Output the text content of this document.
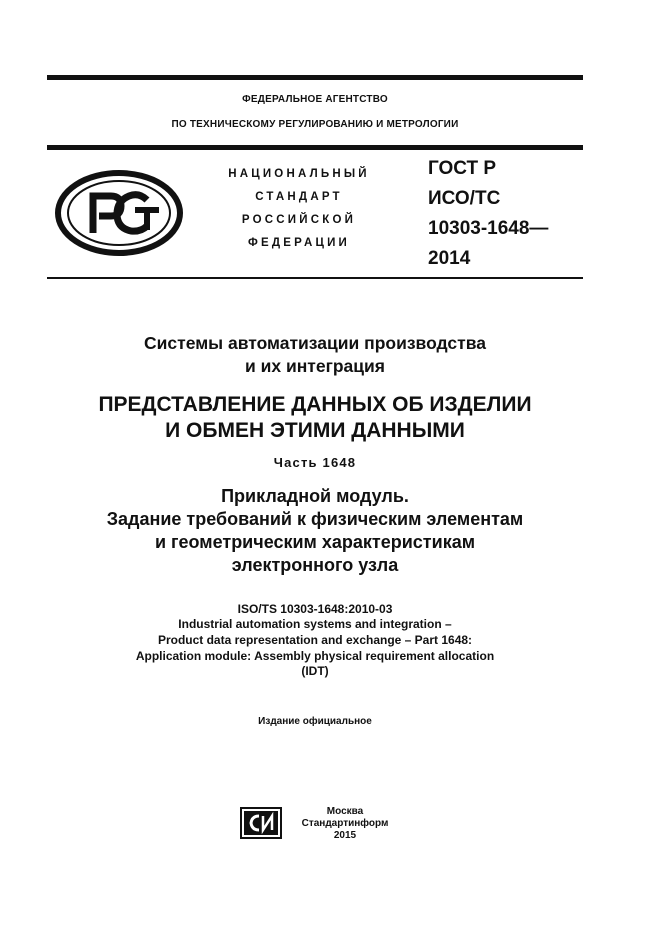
ФЕДЕРАЛЬНОЕ АГЕНТСТВО
ПО ТЕХНИЧЕСКОМУ РЕГУЛИРОВАНИЮ И МЕТРОЛОГИИ
НАЦИОНАЛЬНЫЙ
СТАНДАРТ
РОССИЙСКОЙ
ФЕДЕРАЦИИ
ГОСТ Р
ИСО/ТС
10303-1648—
2014
Системы автоматизации производства
и их интеграция
ПРЕДСТАВЛЕНИЕ ДАННЫХ ОБ ИЗДЕЛИИ
И ОБМЕН ЭТИМИ ДАННЫМИ
Часть 1648
Прикладной модуль.
Задание требований к физическим элементам
и геометрическим характеристикам
электронного узла
ISO/TS 10303-1648:2010-03
Industrial automation systems and integration –
Product data representation and exchange – Part 1648:
Application module: Assembly physical requirement allocation
(IDT)
Издание официальное
Москва
Стандартинформ
2015
